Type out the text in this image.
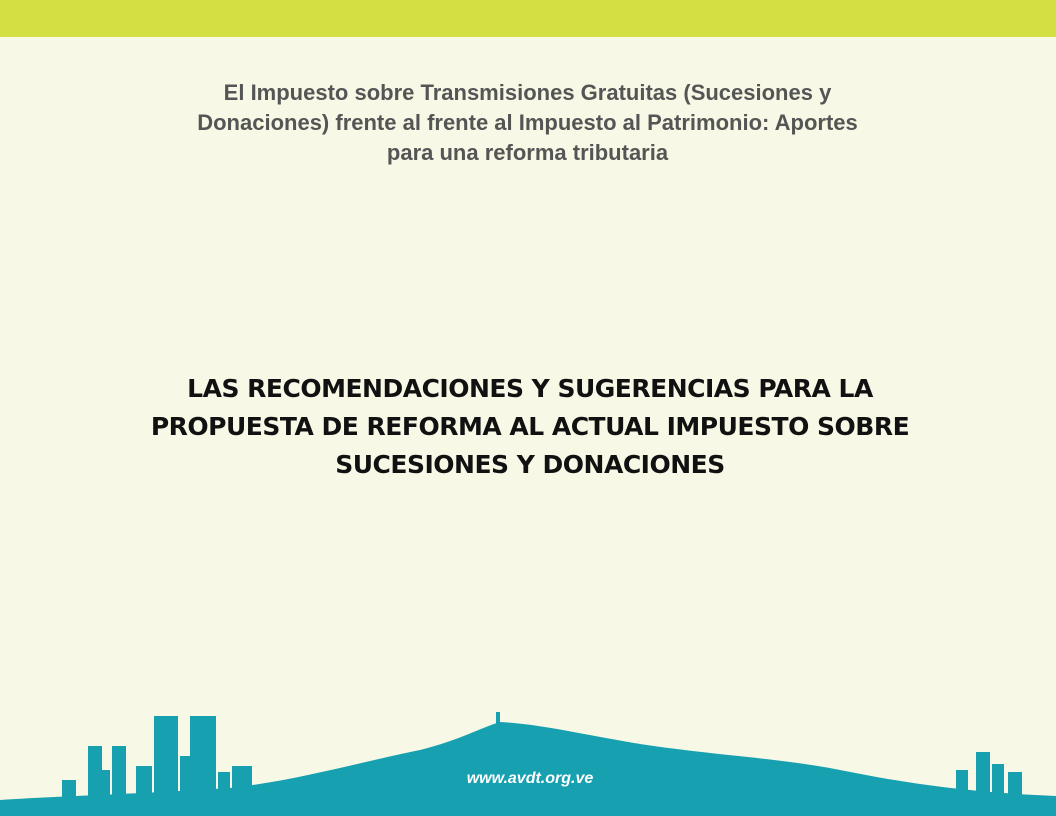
El Impuesto sobre Transmisiones Gratuitas (Sucesiones y
Donaciones) frente al frente al Impuesto al Patrimonio: Aportes
para una reforma tributaria

LAS RECOMENDACIONES Y SUGERENCIAS PARA LA
PROPUESTA DE REFORMA AL ACTUAL IMPUESTO SOBRE
SUCESIONES Y DONACIONES

www.avdt.org.ve
